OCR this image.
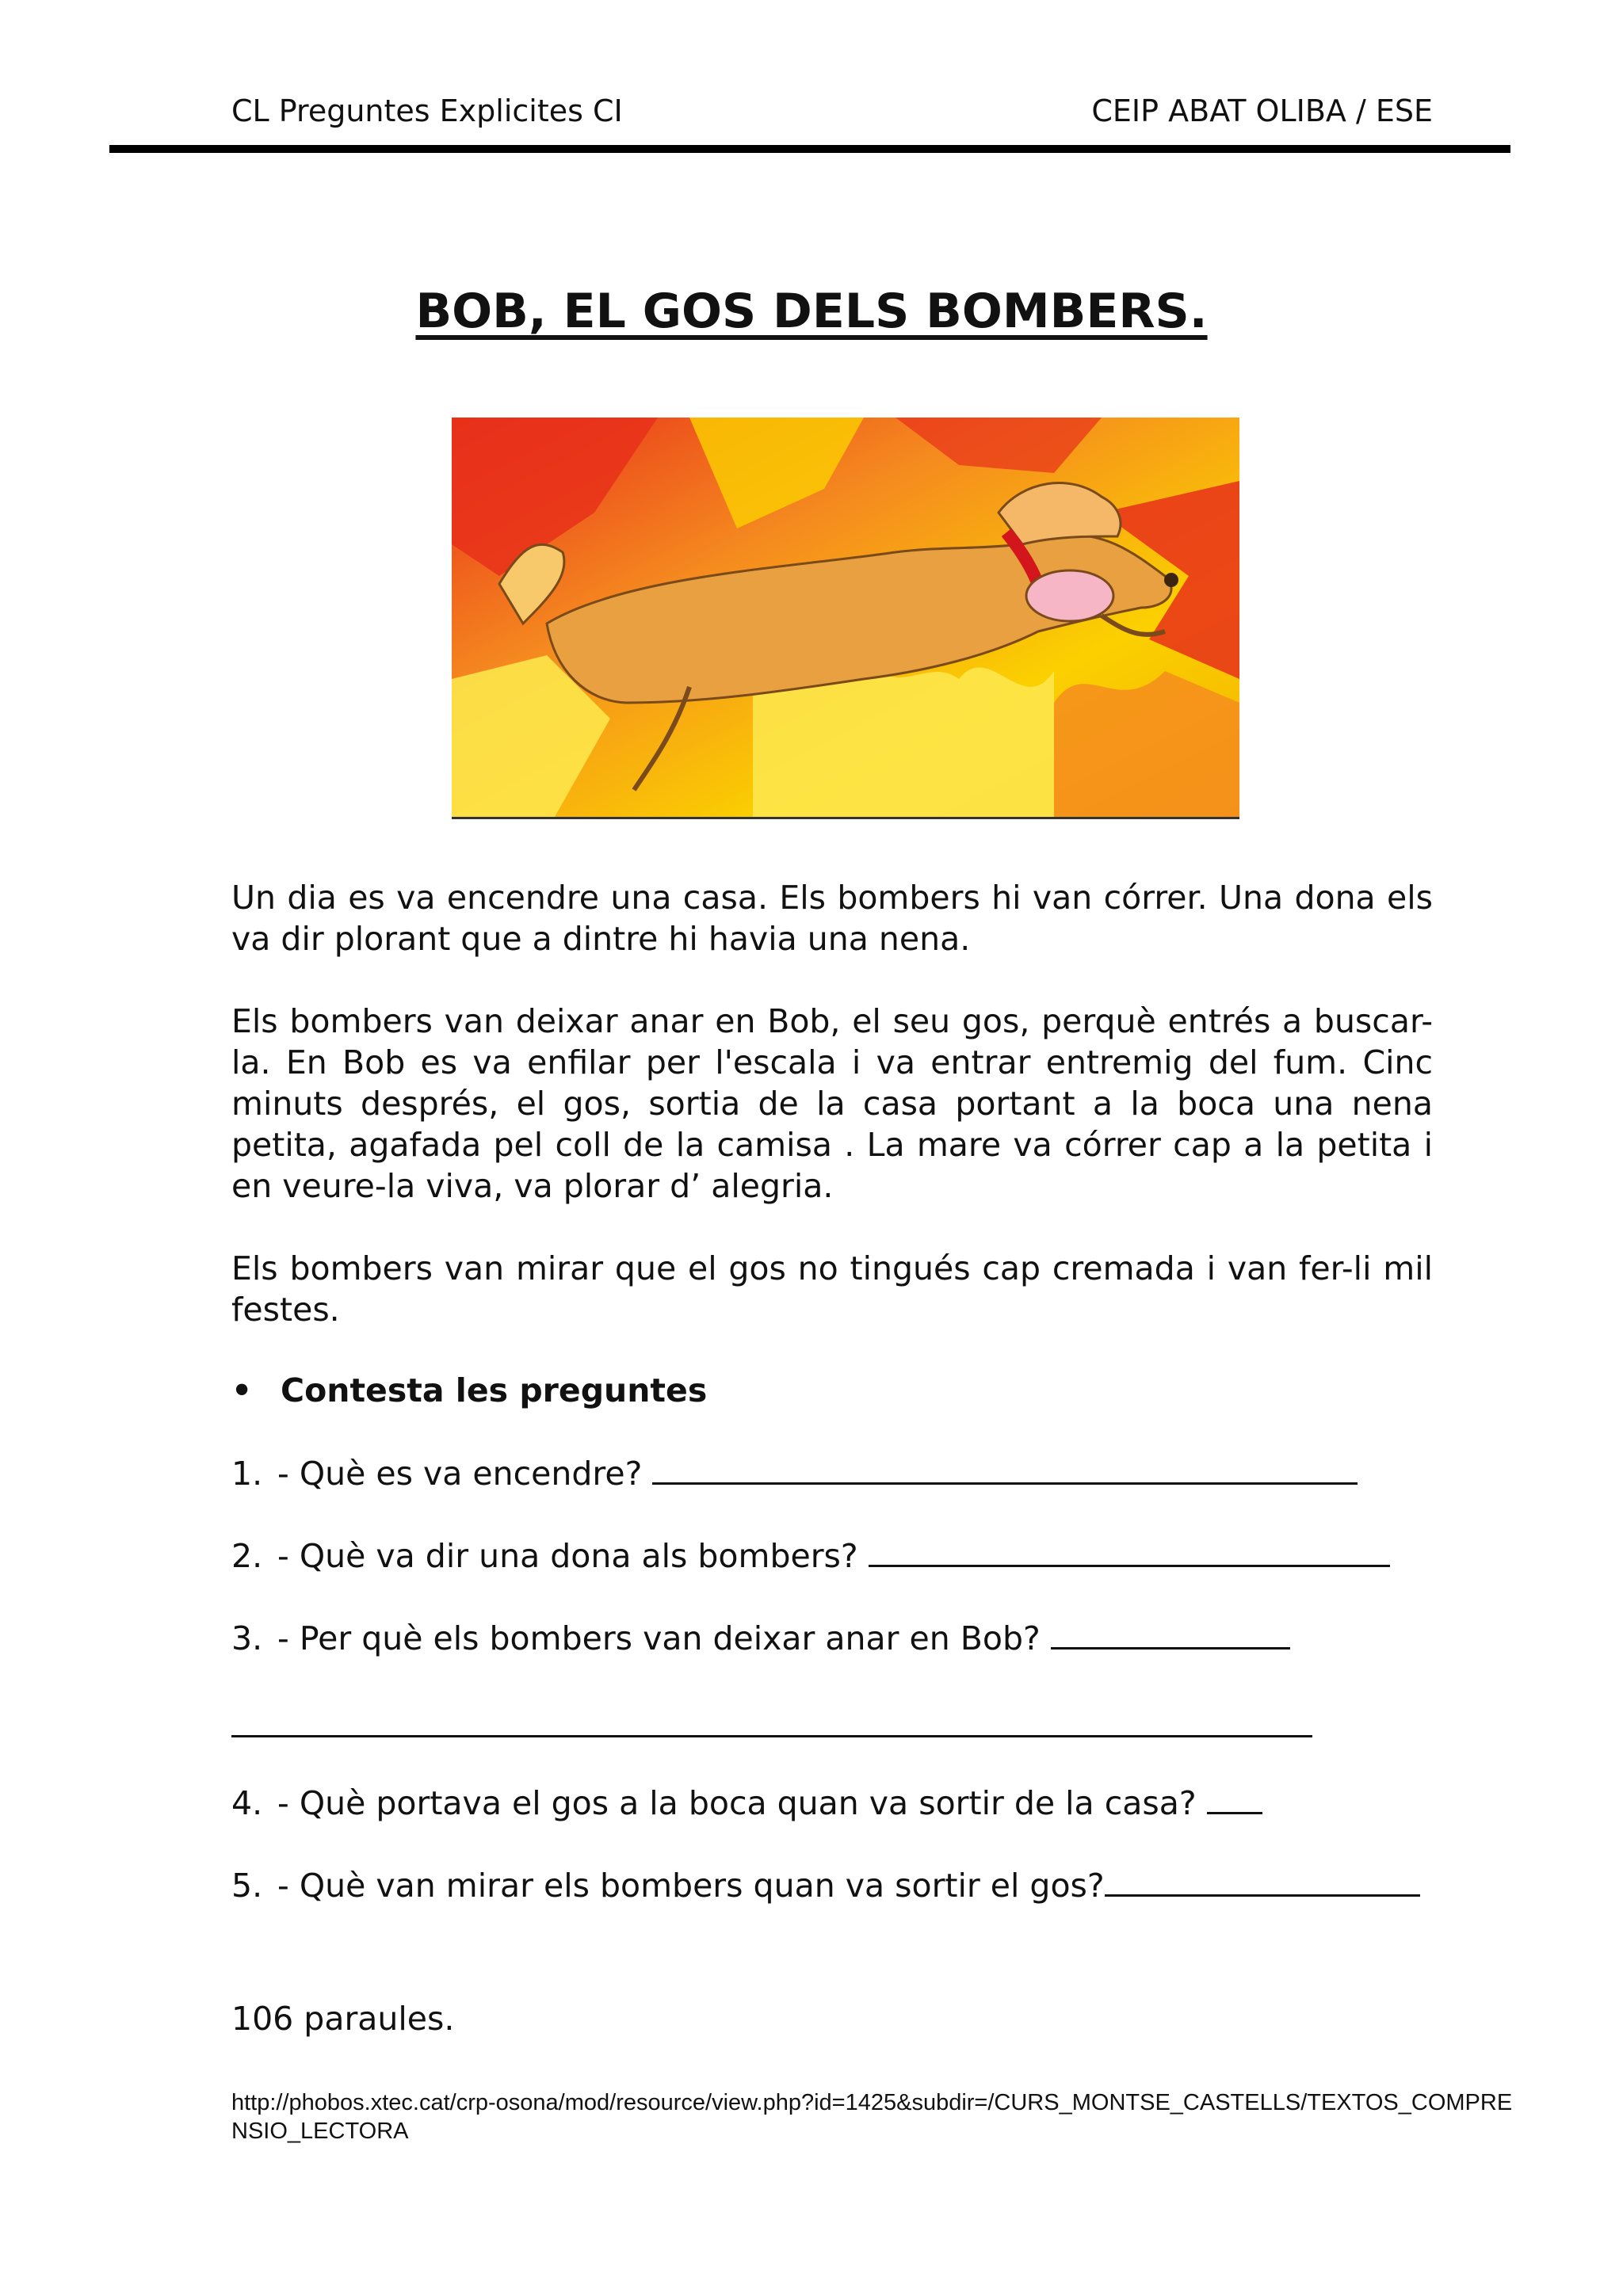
CL Preguntes Explicites CI	CEIP ABAT OLIBA / ESE
BOB, EL GOS DELS BOMBERS.

Un dia es va encendre una casa. Els bombers hi van córrer. Una dona els va dir plorant que a dintre hi havia una nena.

Els bombers van deixar anar en Bob, el seu gos, perquè entrés a buscar-la. En Bob es va enfilar per l'escala i va entrar entremig del fum. Cinc minuts després, el gos, sortia de la casa portant a la boca una nena petita, agafada pel coll de la camisa . La mare va córrer cap a la petita i en veure-la viva, va plorar d’ alegria.

Els bombers van mirar que el gos no tingués cap cremada i van fer-li mil festes.

• Contesta les preguntes
1. - Què es va encendre?
2. - Què va dir una dona als bombers?
3. - Per què els bombers van deixar anar en Bob?
4. - Què portava el gos a la boca quan va sortir de la casa?
5. - Què van mirar els bombers quan va sortir el gos?
106 paraules.
http://phobos.xtec.cat/crp-osona/mod/resource/view.php?id=1425&subdir=/CURS_MONTSE_CASTELLS/TEXTOS_COMPRENSIO_LECTORA
